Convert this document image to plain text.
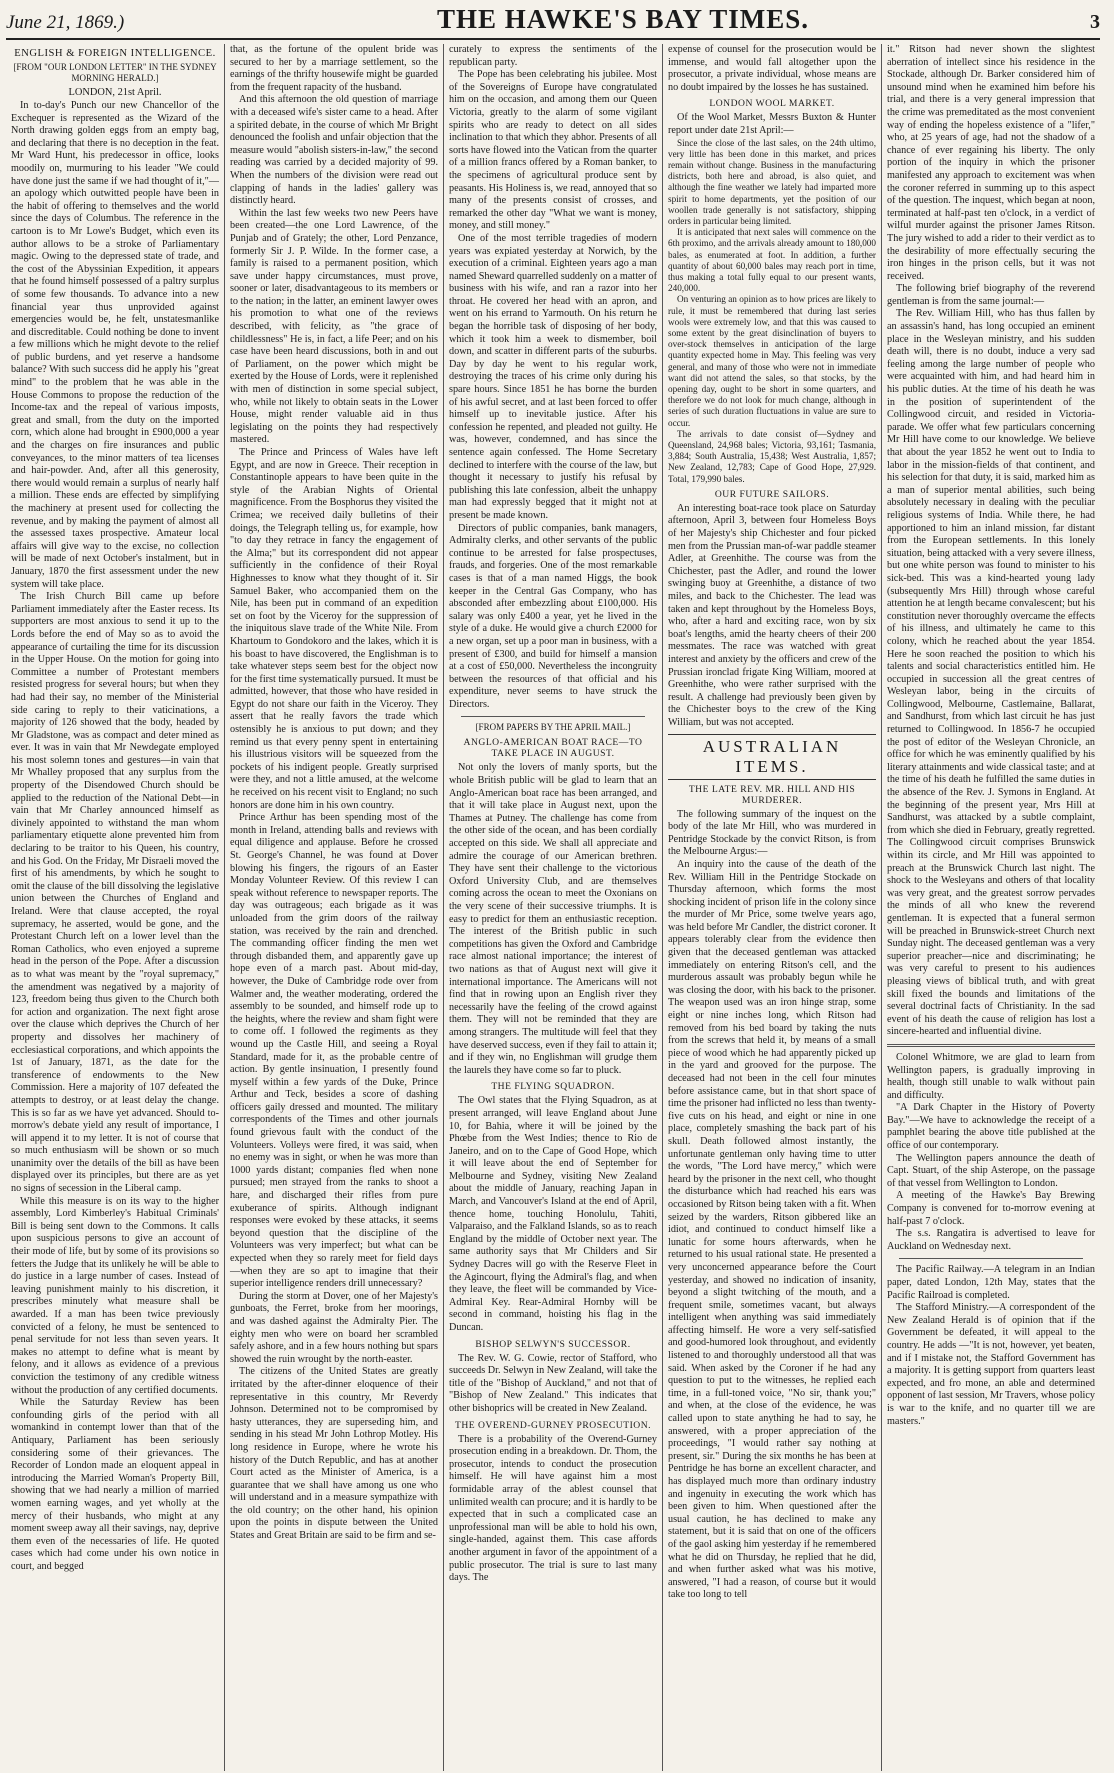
June 21, 1869.)	THE HAWKE'S BAY TIMES.	3
ENGLISH & FOREIGN INTELLIGENCE.
[FROM "OUR LONDON LETTER" IN THE SYDNEY MORNING HERALD.]
LONDON, 21st April.

In to-day's Punch our new Chancellor of the Exchequer is represented as the Wizard of the North drawing golden eggs from an empty bag, and declaring that there is no deception in the feat. Mr Ward Hunt, his predecessor in office, looks moodily on, murmuring to his leader "We could have done just the same if we had thought of it,"—an apology which outwitted people have been in the habit of offering to themselves and the world since the days of Columbus. The reference in the cartoon is to Mr Lowe's Budget, which even its author allows to be a stroke of Parliamentary magic. Owing to the depressed state of trade, and the cost of the Abyssinian Expedition, it appears that he found himself possessed of a paltry surplus of some few thousands. To advance into a new financial year thus unprovided against emergencies would be, he felt, unstatesmanlike and discreditable. Could nothing be done to invent a few millions which he might devote to the relief of public burdens, and yet reserve a handsome balance? With such success did he apply his "great mind" to the problem that he was able in the House Commons to propose the reduction of the Income-tax and the repeal of various imposts, great and small, from the duty on the imported corn, which alone had brought in £900,000 a year and the charges on fire insurances and public conveyances, to the minor matters of tea licenses and hair-powder. And, after all this generosity, there would would remain a surplus of nearly half a million. These ends are effected by simplifying the machinery at present used for collecting the revenue, and by making the payment of almost all the assessed taxes prospective. Amateur local affairs will give way to the excise, no collection will be made of next October's instalment, but in January, 1870 the first assessment under the new system will take place.

The Irish Church Bill came up before Parliament immediately after the Easter recess. Its supporters are most anxious to send it up to the Lords before the end of May so as to avoid the appearance of curtailing the time for its discussion in the Upper House. On the motion for going into Committee a number of Protestant members resisted progress for several hours; but when they had had their say, no member of the Ministerial side caring to reply to their vaticinations, a majority of 126 showed that the body, headed by Mr Gladstone, was as compact and deter mined as ever. It was in vain that Mr Newdegate employed his most solemn tones and gestures—in vain that Mr Whalley proposed that any surplus from the property of the Disendowed Church should be applied to the reduction of the National Debt—in vain that Mr Charley announced himself as divinely appointed to withstand the man whom parliamentary etiquette alone prevented him from declaring to be traitor to his Queen, his country, and his God. On the Friday, Mr Disraeli moved the first of his amendments, by which he sought to omit the clause of the bill dissolving the legislative union between the Churches of England and Ireland. Were that clause accepted, the royal supremacy, he asserted, would be gone, and the Protestant Church left on a lower level than the Roman Catholics, who even enjoyed a supreme head in the person of the Pope. After a discussion as to what was meant by the "royal supremacy," the amendment was negatived by a majority of 123, freedom being thus given to the Church both for action and organization. The next fight arose over the clause which deprives the Church of her property and dissolves her machinery of ecclesiastical corporations, and which appoints the 1st of January, 1871, as the date for the transference of endowments to the New Commission. Here a majority of 107 defeated the attempts to destroy, or at least delay the change. This is so far as we have yet advanced. Should to-morrow's debate yield any result of importance, I will append it to my letter. It is not of course that so much enthusiasm will be shown or so much unanimity over the details of the bill as have been displayed over its principles, but there are as yet no signs of secession in the Liberal camp.

While this measure is on its way to the higher assembly, Lord Kimberley's Habitual Criminals' Bill is being sent down to the Commons. It calls upon suspicious persons to give an account of their mode of life, but by some of its provisions so fetters the Judge that its unlikely he will be able to do justice in a large number of cases. Instead of leaving punishment mainly to his discretion, it prescribes minutely what measure shall be awarded. If a man has been twice previously convicted of a felony, he must be sentenced to penal servitude for not less than seven years. It makes no attempt to define what is meant by felony, and it allows as evidence of a previous conviction the testimony of any credible witness without the production of any certified documents.

While the Saturday Review has been confounding girls of the period with all womankind in contempt lower than that of the Antiquary, Parliament has been seriously considering some of their grievances. The Recorder of London made an eloquent appeal in introducing the Married Woman's Property Bill, showing that we had nearly a million of married women earning wages, and yet wholly at the mercy of their husbands, who might at any moment sweep away all their savings, nay, deprive them even of the necessaries of life. He quoted cases which had come under his own notice in court, and begged

that, as the fortune of the opulent bride was secured to her by a marriage settlement, so the earnings of the thrifty housewife might be guarded from the frequent rapacity of the husband.

And this afternoon the old question of marriage with a deceased wife's sister came to a head. After a spirited debate, in the course of which Mr Bright denounced the foolish and unfair objection that the measure would "abolish sisters-in-law," the second reading was carried by a decided majority of 99. When the numbers of the division were read out clapping of hands in the ladies' gallery was distinctly heard.

Within the last few weeks two new Peers have been created—the one Lord Lawrence, of the Punjab and of Grately; the other, Lord Penzance, formerly Sir J. P. Wilde. In the former case, a family is raised to a permanent position, which save under happy circumstances, must prove, sooner or later, disadvantageous to its members or to the nation; in the latter, an eminent lawyer owes his promotion to what one of the reviews described, with felicity, as "the grace of childlessness" He is, in fact, a life Peer; and on his case have been heard discussions, both in and out of Parliament, on the power which might be exerted by the House of Lords, were it replenished with men of distinction in some special subject, who, while not likely to obtain seats in the Lower House, might render valuable aid in thus legislating on the points they had respectively mastered.

The Prince and Princess of Wales have left Egypt, and are now in Greece. Their reception in Constantinople appears to have been quite in the style of the Arabian Nights of Oriental magnificence. From the Bosphorus they visited the Crimea; we received daily bulletins of their doings, the Telegraph telling us, for example, how "to day they retrace in fancy the engagement of the Alma;" but its correspondent did not appear sufficiently in the confidence of their Royal Highnesses to know what they thought of it. Sir Samuel Baker, who accompanied them on the Nile, has been put in command of an expedition set on foot by the Viceroy for the suppression of the iniquitous slave trade of the White Nile. From Khartoum to Gondokoro and the lakes, which it is his boast to have discovered, the Englishman is to take whatever steps seem best for the object now for the first time systematically pursued. It must be admitted, however, that those who have resided in Egypt do not share our faith in the Viceroy. They assert that he really favors the trade which ostensibly he is anxious to put down; and they remind us that every penny spent in entertaining his illustrious visitors will be squeezed from the pockets of his indigent people. Greatly surprised were they, and not a little amused, at the welcome he received on his recent visit to England; no such honors are done him in his own country.

Prince Arthur has been spending most of the month in Ireland, attending balls and reviews with equal diligence and applause. Before he crossed St. George's Channel, he was found at Dover blowing his fingers, the rigours of an Easter Monday Volunteer Review. Of this review I can speak without reference to newspaper reports. The day was outrageous; each brigade as it was unloaded from the grim doors of the railway station, was received by the rain and drenched. The commanding officer finding the men wet through disbanded them, and apparently gave up hope even of a march past. About mid-day, however, the Duke of Cambridge rode over from Walmer and, the weather moderating, ordered the assembly to be sounded, and himself rode up to the heights, where the review and sham fight were to come off. I followed the regiments as they wound up the Castle Hill, and seeing a Royal Standard, made for it, as the probable centre of action. By gentle insinuation, I presently found myself within a few yards of the Duke, Prince Arthur and Teck, besides a score of dashing officers gaily dressed and mounted. The military correspondents of the Times and other journals found grievous fault with the conduct of the Volunteers. Volleys were fired, it was said, when no enemy was in sight, or when he was more than 1000 yards distant; companies fled when none pursued; men strayed from the ranks to shoot a hare, and discharged their rifles from pure exuberance of spirits. Although indignant responses were evoked by these attacks, it seems beyond question that the discipline of the Volunteers was very imperfect; but what can be expected when they so rarely meet for field days—when they are so apt to imagine that their superior intelligence renders drill unnecessary?

During the storm at Dover, one of her Majesty's gunboats, the Ferret, broke from her moorings, and was dashed against the Admiralty Pier. The eighty men who were on board her scrambled safely ashore, and in a few hours nothing but spars showed the ruin wrought by the north-easter.

The citizens of the United States are greatly irritated by the after-dinner eloquence of their representative in this country, Mr Reverdy Johnson. Determined not to be compromised by hasty utterances, they are superseding him, and sending in his stead Mr John Lothrop Motley. His long residence in Europe, where he wrote his history of the Dutch Republic, and has at another Court acted as the Minister of America, is a guarantee that we shall have among us one who will understand and in a measure sympathize with the old country; on the other hand, his opinion upon the points in dispute between the United States and Great Britain are said to be firm and se-

curately to express the sentiments of the republican party.

The Pope has been celebrating his jubilee. Most of the Sovereigns of Europe have congratulated him on the occasion, and among them our Queen Victoria, greatly to the alarm of some vigilant spirits who are ready to detect on all sides inclination to that which they abhor. Presents of all sorts have flowed into the Vatican from the quarter of a million francs offered by a Roman banker, to the specimens of agricultural produce sent by peasants. His Holiness is, we read, annoyed that so many of the presents consist of crosses, and remarked the other day "What we want is money, money, and still money."

One of the most terrible tragedies of modern years was expiated yesterday at Norwich, by the execution of a criminal. Eighteen years ago a man named Sheward quarrelled suddenly on a matter of business with his wife, and ran a razor into her throat. He covered her head with an apron, and went on his errand to Yarmouth. On his return he began the horrible task of disposing of her body, which it took him a week to dismember, boil down, and scatter in different parts of the suburbs. Day by day he went to his regular work, destroying the traces of his crime only during his spare hours. Since 1851 he has borne the burden of his awful secret, and at last been forced to offer himself up to inevitable justice. After his confession he repented, and pleaded not guilty. He was, however, condemned, and has since the sentence again confessed. The Home Secretary declined to interfere with the course of the law, but thought it necessary to justify his refusal by publishing this late confession, albeit the unhappy man had expressly begged that it might not at present be made known.

Directors of public companies, bank managers, Admiralty clerks, and other servants of the public continue to be arrested for false prospectuses, frauds, and forgeries. One of the most remarkable cases is that of a man named Higgs, the book keeper in the Central Gas Company, who has absconded after embezzling about £100,000. His salary was only £400 a year, yet he lived in the style of a duke. He would give a church £2000 for a new organ, set up a poor man in business, with a present of £300, and build for himself a mansion at a cost of £50,000. Nevertheless the incongruity between the resources of that official and his expenditure, never seems to have struck the Directors.

[FROM PAPERS BY THE APRIL MAIL.]
ANGLO-AMERICAN BOAT RACE—TO TAKE PLACE IN AUGUST.

Not only the lovers of manly sports, but the whole British public will be glad to learn that an Anglo-American boat race has been arranged, and that it will take place in August next, upon the Thames at Putney. The challenge has come from the other side of the ocean, and has been cordially accepted on this side. We shall all appreciate and admire the courage of our American brethren. They have sent their challenge to the victorious Oxford University Club, and are themselves coming across the ocean to meet the Oxonians on the very scene of their successive triumphs. It is easy to predict for them an enthusiastic reception. The interest of the British public in such competitions has given the Oxford and Cambridge race almost national importance; the interest of two nations as that of August next will give it international importance. The Americans will not find that in rowing upon an English river they necessarily have the feeling of the crowd against them. They will not be reminded that they are among strangers. The multitude will feel that they have deserved success, even if they fail to attain it; and if they win, no Englishman will grudge them the laurels they have come so far to pluck.

THE FLYING SQUADRON.

The Owl states that the Flying Squadron, as at present arranged, will leave England about June 10, for Bahia, where it will be joined by the Phœbe from the West Indies; thence to Rio de Janeiro, and on to the Cape of Good Hope, which it will leave about the end of September for Melbourne and Sydney, visiting New Zealand about the middle of January, reaching Japan in March, and Vancouver's Island at the end of April, thence home, touching Honolulu, Tahiti, Valparaiso, and the Falkland Islands, so as to reach England by the middle of October next year. The same authority says that Mr Childers and Sir Sydney Dacres will go with the Reserve Fleet in the Agincourt, flying the Admiral's flag, and when they leave, the fleet will be commanded by Vice-Admiral Key. Rear-Admiral Hornby will be second in command, hoisting his flag in the Duncan.

BISHOP SELWYN'S SUCCESSOR.

The Rev. W. G. Cowie, rector of Stafford, who succeeds Dr. Selwyn in New Zealand, will take the title of the "Bishop of Auckland," and not that of "Bishop of New Zealand." This indicates that other bishoprics will be created in New Zealand.

THE OVEREND-GURNEY PROSECUTION.

There is a probability of the Overend-Gurney prosecution ending in a breakdown. Dr. Thom, the prosecutor, intends to conduct the prosecution himself. He will have against him a most formidable array of the ablest counsel that unlimited wealth can procure; and it is hardly to be expected that in such a complicated case an unprofessional man will be able to hold his own, single-handed, against them. This case affords another argument in favor of the appointment of a public prosecutor. The trial is sure to last many days. The

expense of counsel for the prosecution would be immense, and would fall altogether upon the prosecutor, a private individual, whose means are no doubt impaired by the losses he has sustained.

LONDON WOOL MARKET.

Of the Wool Market, Messrs Buxton & Hunter report under date 21st April:—

Since the close of the last sales, on the 24th ultimo, very little has been done in this market, and prices remain without change. Business in the manufacturing districts, both here and abroad, is also quiet, and although the fine weather we lately had imparted more spirit to home departments, yet the position of our woollen trade generally is not satisfactory, shipping orders in particular being limited.

It is anticipated that next sales will commence on the 6th proximo, and the arrivals already amount to 180,000 bales, as enumerated at foot. In addition, a further quantity of about 60,000 bales may reach port in time, thus making a total fully equal to our present wants, 240,000.

On venturing an opinion as to how prices are likely to rule, it must be remembered that during last series wools were extremely low, and that this was caused to some extent by the great disinclination of buyers to over-stock themselves in anticipation of the large quantity expected home in May. This feeling was very general, and many of those who were not in immediate want did not attend the sales, so that stocks, by the opening day, ought to be short in some quarters, and therefore we do not look for much change, although in series of such duration fluctuations in value are sure to occur.

The arrivals to date consist of—Sydney and Queensland, 24,968 bales; Victoria, 93,161; Tasmania, 3,884; South Australia, 15,438; West Australia, 1,857; New Zealand, 12,783; Cape of Good Hope, 27,929. Total, 179,990 bales.

OUR FUTURE SAILORS.

An interesting boat-race took place on Saturday afternoon, April 3, between four Homeless Boys of her Majesty's ship Chichester and four picked men from the Prussian man-of-war paddle steamer Adler, at Greenhithe. The course was from the Chichester, past the Adler, and round the lower swinging buoy at Greenhithe, a distance of two miles, and back to the Chichester. The lead was taken and kept throughout by the Homeless Boys, who, after a hard and exciting race, won by six boat's lengths, amid the hearty cheers of their 200 messmates. The race was watched with great interest and anxiety by the officers and crew of the Prussian ironclad frigate King William, moored at Greenhithe, who were rather surprised with the result. A challenge had previously been given by the Chichester boys to the crew of the King William, but was not accepted.

AUSTRALIAN ITEMS.
THE LATE REV. MR. HILL AND HIS MURDERER.

The following summary of the inquest on the body of the late Mr Hill, who was murdered in Pentridge Stockade by the convict Ritson, is from the Melbourne Argus:—

An inquiry into the cause of the death of the Rev. William Hill in the Pentridge Stockade on Thursday afternoon, which forms the most shocking incident of prison life in the colony since the murder of Mr Price, some twelve years ago, was held before Mr Candler, the district coroner. It appears tolerably clear from the evidence then given that the deceased gentleman was attacked immediately on entering Ritson's cell, and the murderous assault was probably begun while he was closing the door, with his back to the prisoner. The weapon used was an iron hinge strap, some eight or nine inches long, which Ritson had removed from his bed board by taking the nuts from the screws that held it, by means of a small piece of wood which he had apparently picked up in the yard and grooved for the purpose. The deceased had not been in the cell four minutes before assistance came, but in that short space of time the prisoner had inflicted no less than twenty-five cuts on his head, and eight or nine in one place, completely smashing the back part of his skull. Death followed almost instantly, the unfortunate gentleman only having time to utter the words, "The Lord have mercy," which were heard by the prisoner in the next cell, who thought the disturbance which had reached his ears was occasioned by Ritson being taken with a fit. When seized by the warders, Ritson gibbered like an idiot, and continued to conduct himself like a lunatic for some hours afterwards, when he returned to his usual rational state. He presented a very unconcerned appearance before the Court yesterday, and showed no indication of insanity, beyond a slight twitching of the mouth, and a frequent smile, sometimes vacant, but always intelligent when anything was said immediately affecting himself. He wore a very self-satisfied and good-humored look throughout, and evidently listened to and thoroughly understood all that was said. When asked by the Coroner if he had any question to put to the witnesses, he replied each time, in a full-toned voice, "No sir, thank you;" and when, at the close of the evidence, he was called upon to state anything he had to say, he answered, with a proper appreciation of the proceedings, "I would rather say nothing at present, sir." During the six months he has been at Pentridge he has borne an excellent character, and has displayed much more than ordinary industry and ingenuity in executing the work which has been given to him. When questioned after the usual caution, he has declined to make any statement, but it is said that on one of the officers of the gaol asking him yesterday if he remembered what he did on Thursday, he replied that he did, and when further asked what was his motive, answered, "I had a reason, of course but it would take too long to tell

it." Ritson had never shown the slightest aberration of intellect since his residence in the Stockade, although Dr. Barker considered him of unsound mind when he examined him before his trial, and there is a very general impression that the crime was premeditated as the most convenient way of ending the hopeless existence of a "lifer," who, at 25 years of age, had not the shadow of a chance of ever regaining his liberty. The only portion of the inquiry in which the prisoner manifested any approach to excitement was when the coroner referred in summing up to this aspect of the question. The inquest, which began at noon, terminated at half-past ten o'clock, in a verdict of wilful murder against the prisoner James Ritson. The jury wished to add a rider to their verdict as to the desirability of more effectually securing the iron hinges in the prison cells, but it was not received.

The following brief biography of the reverend gentleman is from the same journal:—

The Rev. William Hill, who has thus fallen by an assassin's hand, has long occupied an eminent place in the Wesleyan ministry, and his sudden death will, there is no doubt, induce a very sad feeling among the large number of people who were acquainted with him, and had heard him in his public duties. At the time of his death he was in the position of superintendent of the Collingwood circuit, and resided in Victoria-parade. We offer what few particulars concerning Mr Hill have come to our knowledge. We believe that about the year 1852 he went out to India to labor in the mission-fields of that continent, and his selection for that duty, it is said, marked him as a man of superior mental abilities, such being absolutely necessary in dealing with the peculiar religious systems of India. While there, he had apportioned to him an inland mission, far distant from the European settlements. In this lonely situation, being attacked with a very severe illness, but one white person was found to minister to his sick-bed. This was a kind-hearted young lady (subsequently Mrs Hill) through whose careful attention he at length became convalescent; but his constitution never thoroughly overcame the effects of his illness, and ultimately he came to this colony, which he reached about the year 1854. Here he soon reached the position to which his talents and social characteristics entitled him. He occupied in succession all the great centres of Wesleyan labor, being in the circuits of Collingwood, Melbourne, Castlemaine, Ballarat, and Sandhurst, from which last circuit he has just returned to Collingwood. In 1856-7 he occupied the post of editor of the Wesleyan Chronicle, an office for which he was eminently qualified by his literary attainments and wide classical taste; and at the time of his death he fulfilled the same duties in the absence of the Rev. J. Symons in England. At the beginning of the present year, Mrs Hill at Sandhurst, was attacked by a subtle complaint, from which she died in February, greatly regretted. The Collingwood circuit comprises Brunswick within its circle, and Mr Hill was appointed to preach at the Brunswick Church last night. The shock to the Wesleyans and others of that locality was very great, and the greatest sorrow pervades the minds of all who knew the reverend gentleman. It is expected that a funeral sermon will be preached in Brunswick-street Church next Sunday night. The deceased gentleman was a very superior preacher—nice and discriminating; he was very careful to present to his audiences pleasing views of biblical truth, and with great skill fixed the bounds and limitations of the several doctrinal facts of Christianity. In the sad event of his death the cause of religion has lost a sincere-hearted and influential divine.

Colonel Whitmore, we are glad to learn from Wellington papers, is gradually improving in health, though still unable to walk without pain and difficulty.

"A Dark Chapter in the History of Poverty Bay."—We have to acknowledge the receipt of a pamphlet bearing the above title published at the office of our contemporary.

The Wellington papers announce the death of Capt. Stuart, of the ship Asterope, on the passage of that vessel from Wellington to London.

A meeting of the Hawke's Bay Brewing Company is convened for to-morrow evening at half-past 7 o'clock.

The s.s. Rangatira is advertised to leave for Auckland on Wednesday next.

The Pacific Railway.—A telegram in an Indian paper, dated London, 12th May, states that the Pacific Railroad is completed.

The Stafford Ministry.—A correspondent of the New Zealand Herald is of opinion that if the Government be defeated, it will appeal to the country. He adds —"It is not, however, yet beaten, and if I mistake not, the Stafford Government has a majority. It is getting support from quarters least expected, and fro mone, an able and determined opponent of last session, Mr Travers, whose policy is war to the knife, and no quarter till we are masters."
